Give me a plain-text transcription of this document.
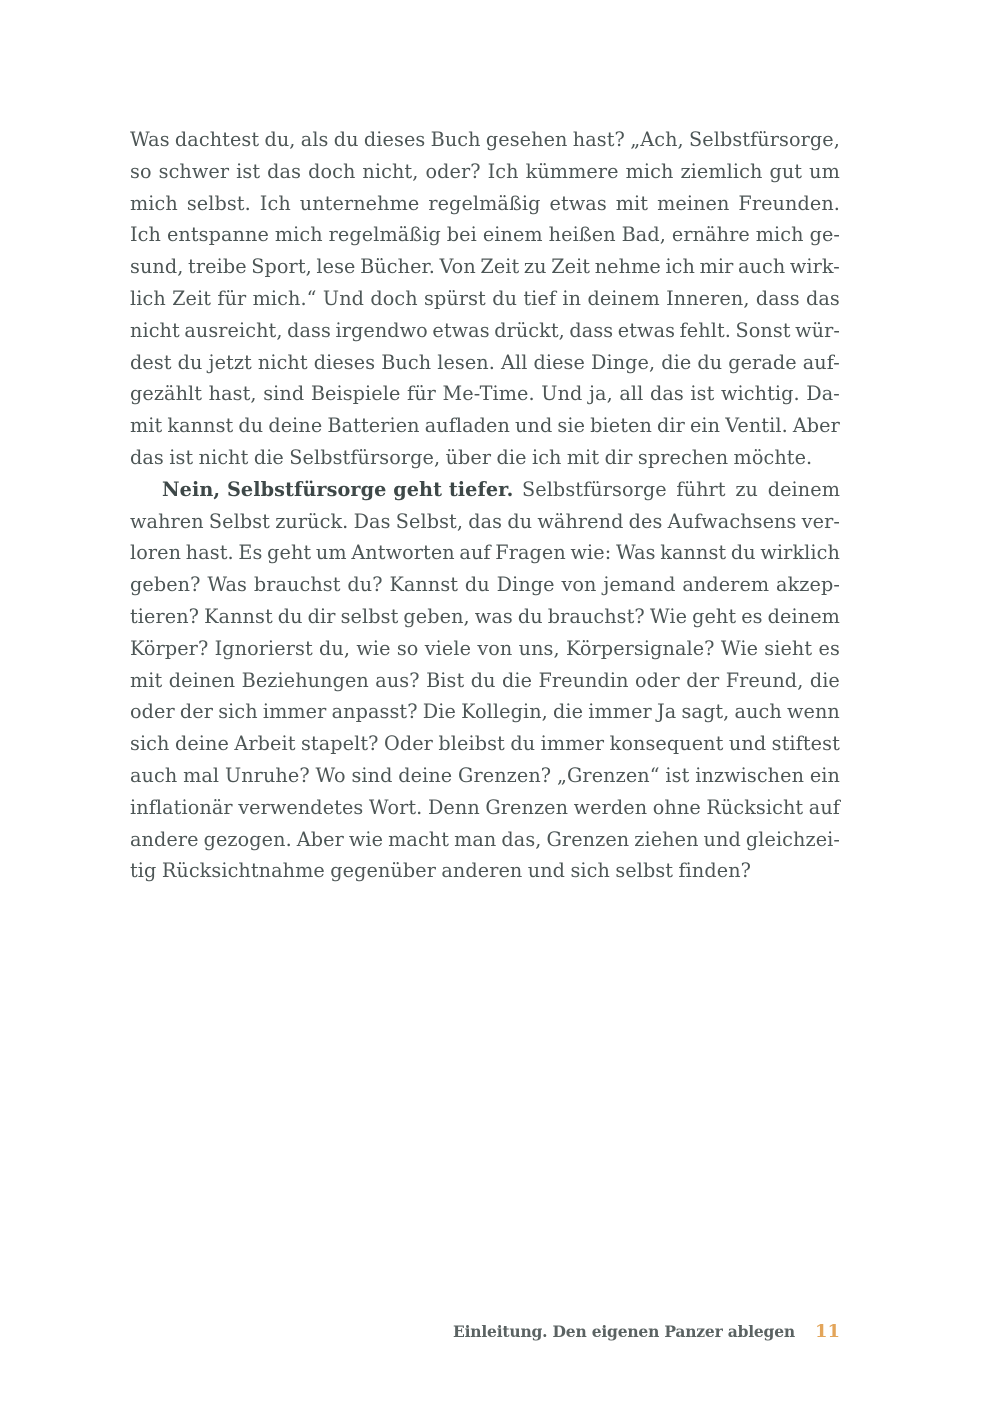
Was dachtest du, als du dieses Buch gesehen hast? „Ach, Selbstfürsorge,
so schwer ist das doch nicht, oder? Ich kümmere mich ziemlich gut um
mich selbst. Ich unternehme regelmäßig etwas mit meinen Freunden.
Ich entspanne mich regelmäßig bei einem heißen Bad, ernähre mich ge-
sund, treibe Sport, lese Bücher. Von Zeit zu Zeit nehme ich mir auch wirk-
lich Zeit für mich.“ Und doch spürst du tief in deinem Inneren, dass das
nicht ausreicht, dass irgendwo etwas drückt, dass etwas fehlt. Sonst wür-
dest du jetzt nicht dieses Buch lesen. All diese Dinge, die du gerade auf-
gezählt hast, sind Beispiele für Me-Time. Und ja, all das ist wichtig. Da-
mit kannst du deine Batterien aufladen und sie bieten dir ein Ventil. Aber
das ist nicht die Selbstfürsorge, über die ich mit dir sprechen möchte.
Nein, Selbstfürsorge geht tiefer. Selbstfürsorge führt zu deinem
wahren Selbst zurück. Das Selbst, das du während des Aufwachsens ver-
loren hast. Es geht um Antworten auf Fragen wie: Was kannst du wirklich
geben? Was brauchst du? Kannst du Dinge von jemand anderem akzep-
tieren? Kannst du dir selbst geben, was du brauchst? Wie geht es deinem
Körper? Ignorierst du, wie so viele von uns, Körpersignale? Wie sieht es
mit deinen Beziehungen aus? Bist du die Freundin oder der Freund, die
oder der sich immer anpasst? Die Kollegin, die immer Ja sagt, auch wenn
sich deine Arbeit stapelt? Oder bleibst du immer konsequent und stiftest
auch mal Unruhe? Wo sind deine Grenzen? „Grenzen“ ist inzwischen ein
inflationär verwendetes Wort. Denn Grenzen werden ohne Rücksicht auf
andere gezogen. Aber wie macht man das, Grenzen ziehen und gleichzei-
tig Rücksichtnahme gegenüber anderen und sich selbst finden?
Einleitung. Den eigenen Panzer ablegen 11
